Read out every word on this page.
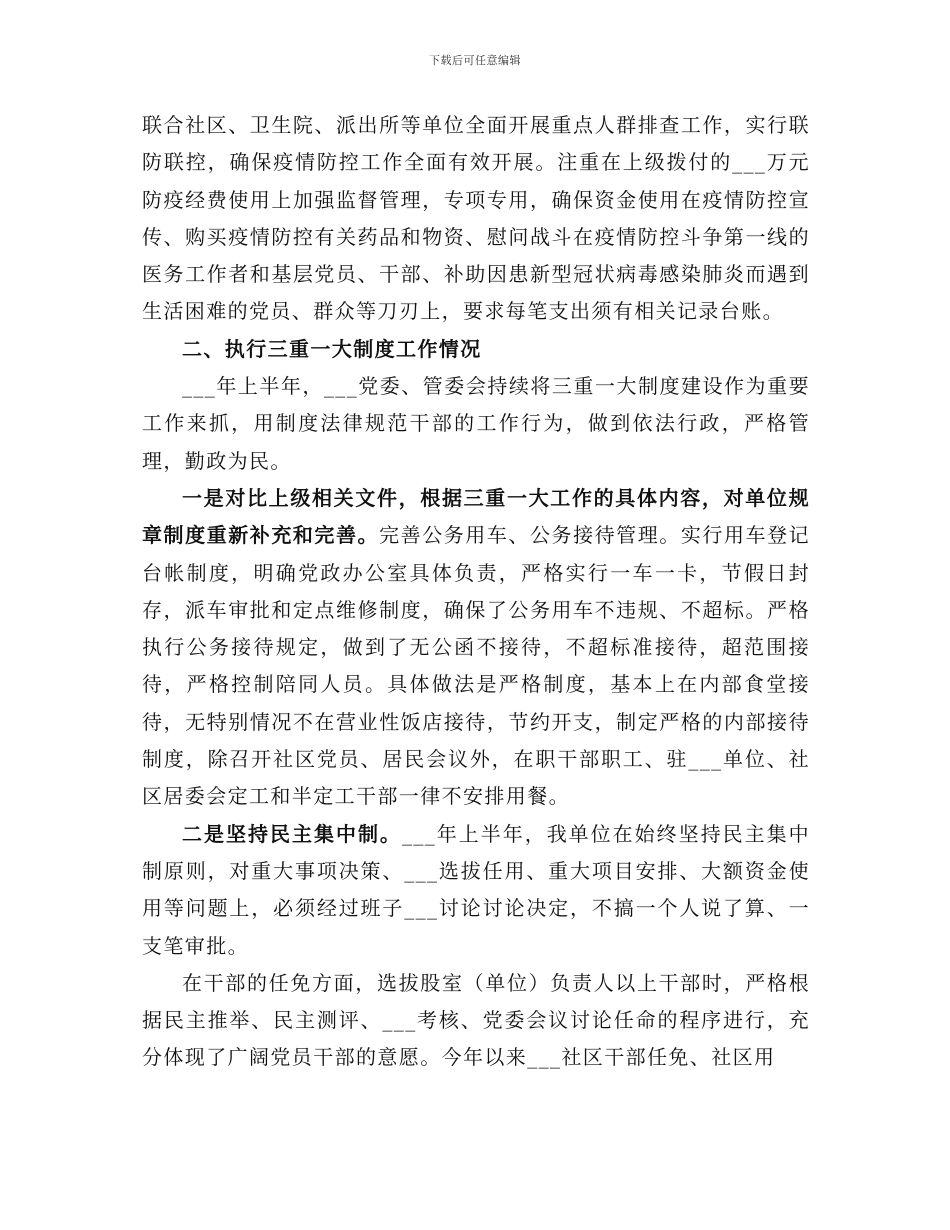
下载后可任意编辑

联合社区、卫生院、派出所等单位全面开展重点人群排查工作，实行联防联控，确保疫情防控工作全面有效开展。注重在上级拨付的___万元防疫经费使用上加强监督管理，专项专用，确保资金使用在疫情防控宣传、购买疫情防控有关药品和物资、慰问战斗在疫情防控斗争第一线的医务工作者和基层党员、干部、补助因患新型冠状病毒感染肺炎而遇到生活困难的党员、群众等刀刃上，要求每笔支出须有相关记录台账。

二、执行三重一大制度工作情况

___年上半年，___党委、管委会持续将三重一大制度建设作为重要工作来抓，用制度法律规范干部的工作行为，做到依法行政，严格管理，勤政为民。

一是对比上级相关文件，根据三重一大工作的具体内容，对单位规章制度重新补充和完善。完善公务用车、公务接待管理。实行用车登记台帐制度，明确党政办公室具体负责，严格实行一车一卡，节假日封存，派车审批和定点维修制度，确保了公务用车不违规、不超标。严格执行公务接待规定，做到了无公函不接待，不超标准接待，超范围接待，严格控制陪同人员。具体做法是严格制度，基本上在内部食堂接待，无特别情况不在营业性饭店接待，节约开支，制定严格的内部接待制度，除召开社区党员、居民会议外，在职干部职工、驻___单位、社区居委会定工和半定工干部一律不安排用餐。

二是坚持民主集中制。___年上半年，我单位在始终坚持民主集中制原则，对重大事项决策、___选拔任用、重大项目安排、大额资金使用等问题上，必须经过班子___讨论讨论决定，不搞一个人说了算、一支笔审批。

在干部的任免方面，选拔股室（单位）负责人以上干部时，严格根据民主推举、民主测评、___考核、党委会议讨论任命的程序进行，充分体现了广阔党员干部的意愿。今年以来___社区干部任免、社区用
